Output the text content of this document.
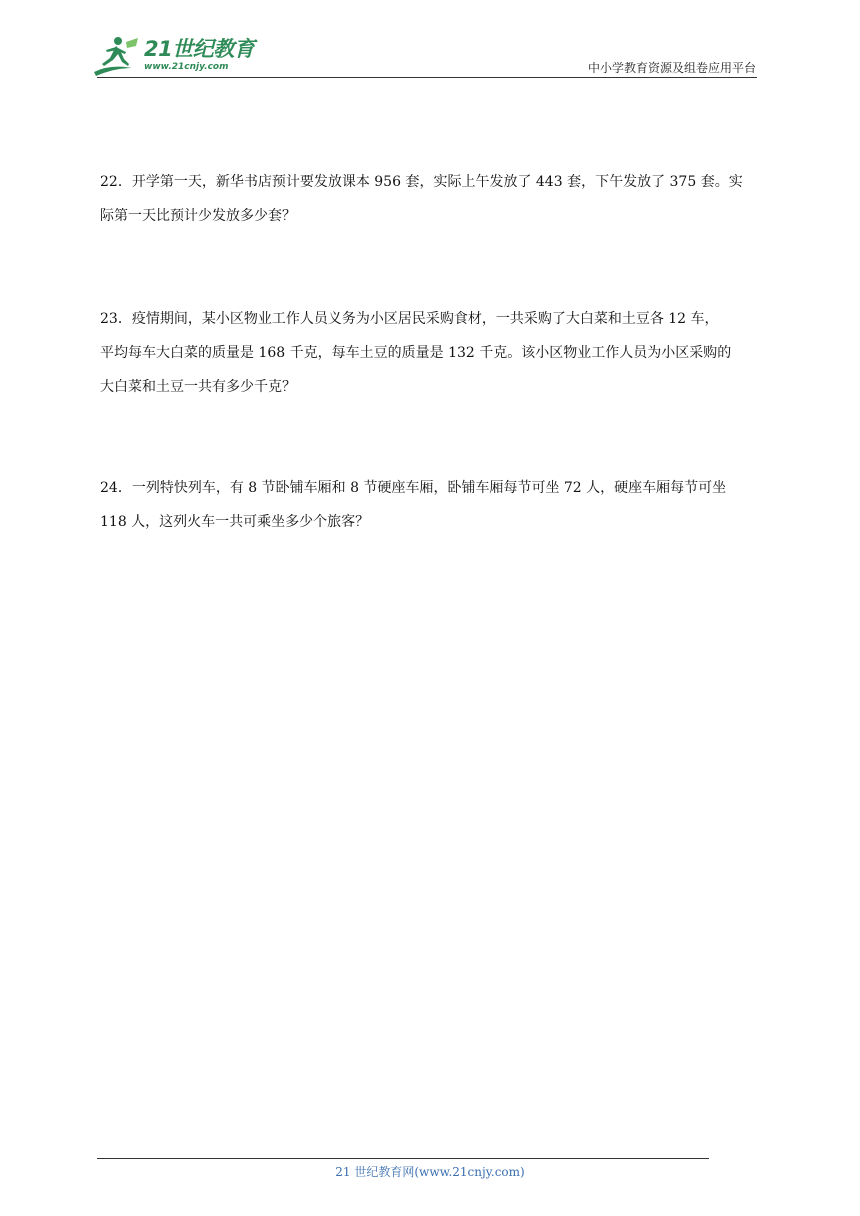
21世纪教育
www.21cnjy.com	中小学教育资源及组卷应用平台

22．开学第一天，新华书店预计要发放课本 956 套，实际上午发放了 443 套，下午发放了 375 套。实

际第一天比预计少发放多少套？

23．疫情期间，某小区物业工作人员义务为小区居民采购食材，一共采购了大白菜和土豆各 12 车，

平均每车大白菜的质量是 168 千克，每车土豆的质量是 132 千克。该小区物业工作人员为小区采购的

大白菜和土豆一共有多少千克？

24．一列特快列车，有 8 节卧铺车厢和 8 节硬座车厢，卧铺车厢每节可坐 72 人，硬座车厢每节可坐

118 人，这列火车一共可乘坐多少个旅客？

21 世纪教育网(www.21cnjy.com)
